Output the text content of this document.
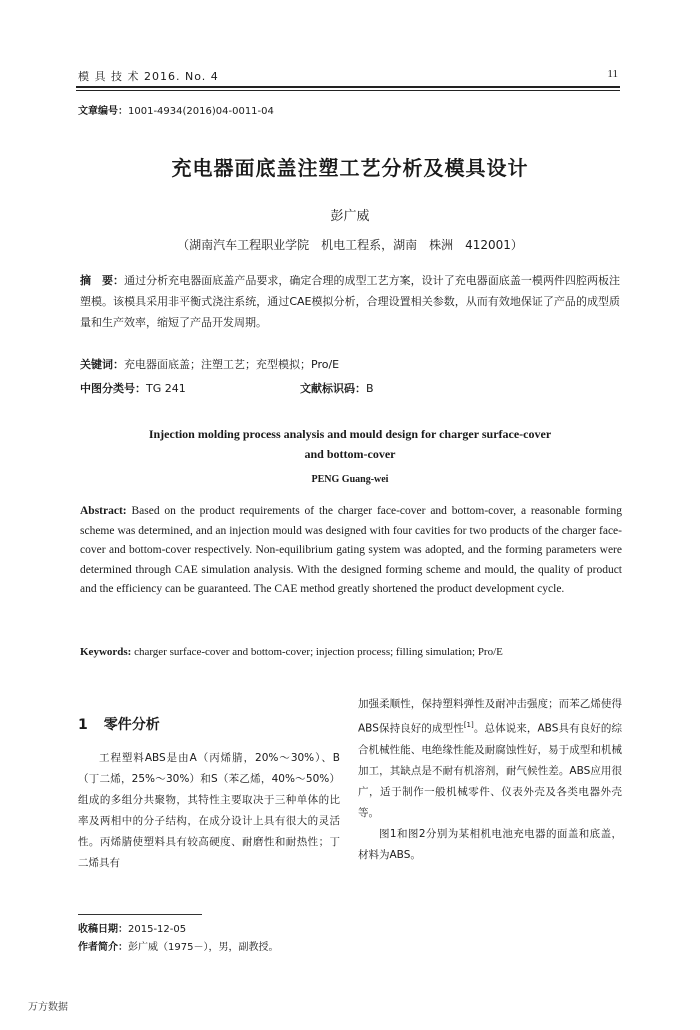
模 具 技 术 2016. No. 4	11
文章编号：1001-4934(2016)04-0011-04
充电器面底盖注塑工艺分析及模具设计
彭广威
（湖南汽车工程职业学院　机电工程系，湖南　株洲　412001）
摘　要：通过分析充电器面底盖产品要求，确定合理的成型工艺方案，设计了充电器面底盖一模两件四腔两板注塑模。该模具采用非平衡式浇注系统，通过CAE模拟分析，合理设置相关参数，从而有效地保证了产品的成型质量和生产效率，缩短了产品开发周期。
关键词：充电器面底盖；注塑工艺；充型模拟；Pro/E
中图分类号：TG 241	文献标识码：B
Injection molding process analysis and mould design for charger surface-cover
and bottom-cover
PENG Guang-wei
Abstract: Based on the product requirements of the charger face-cover and bottom-cover, a reasonable forming scheme was determined, and an injection mould was designed with four cavities for two products of the charger face-cover and bottom-cover respectively. Non-equilibrium gating system was adopted, and the forming parameters were determined through CAE simulation analysis. With the designed forming scheme and mould, the quality of product and the efficiency can be guaranteed. The CAE method greatly shortened the product development cycle.
Keywords: charger surface-cover and bottom-cover; injection process; filling simulation; Pro/E
1 零件分析
工程塑料ABS是由A（丙烯腈，20%～30%）、B（丁二烯，25%～30%）和S（苯乙烯，40%～50%）组成的多组分共聚物，其特性主要取决于三种单体的比率及两相中的分子结构，在成分设计上具有很大的灵活性。丙烯腈使塑料具有较高硬度、耐磨性和耐热性；丁二烯具有

加强柔顺性，保持塑料弹性及耐冲击强度；而苯乙烯使得ABS保持良好的成型性[1]。总体说来，ABS具有良好的综合机械性能、电绝缘性能及耐腐蚀性好，易于成型和机械加工，其缺点是不耐有机溶剂，耐气候性差。ABS应用很广，适于制作一般机械零件、仪表外壳及各类电器外壳等。

图1和图2分别为某相机电池充电器的面盖和底盖，材料为ABS。

收稿日期：2015-12-05
作者简介：彭广威（1975－），男，副教授。
万方数据
